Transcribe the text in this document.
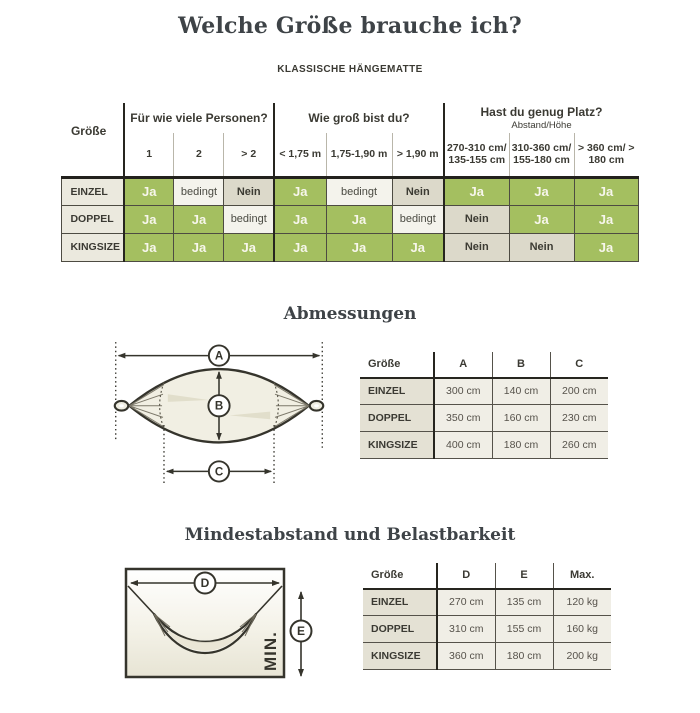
Welche Größe brauche ich?
KLASSISCHE HÄNGEMATTE
Größe	Für wie viele Personen?			Wie groß bist du?			Hast du genug Platz?
Abstand/Höhe		

	1	2	> 2	< 1,75 m	1,75-1,90 m	> 1,90 m	270-310 cm/ 135-155 cm	310-360 cm/ 155-180 cm	> 360 cm/ > 180 cm
EINZEL	Ja	bedingt	Nein	Ja	bedingt	Nein	Ja	Ja	Ja
DOPPEL	Ja	Ja	bedingt	Ja	Ja	bedingt	Nein	Ja	Ja
KINGSIZE	Ja	Ja	Ja	Ja	Ja	Ja	Nein	Nein	Ja
Abmessungen
A
B
C
Größe	A	B	C
EINZEL	300 cm	140 cm	200 cm
DOPPEL	350 cm	160 cm	230 cm
KINGSIZE	400 cm	180 cm	260 cm
Mindestabstand und Belastbarkeit
MIN.
D
E
Größe	D	E	Max.
EINZEL	270 cm	135 cm	120 kg
DOPPEL	310 cm	155 cm	160 kg
KINGSIZE	360 cm	180 cm	200 kg
